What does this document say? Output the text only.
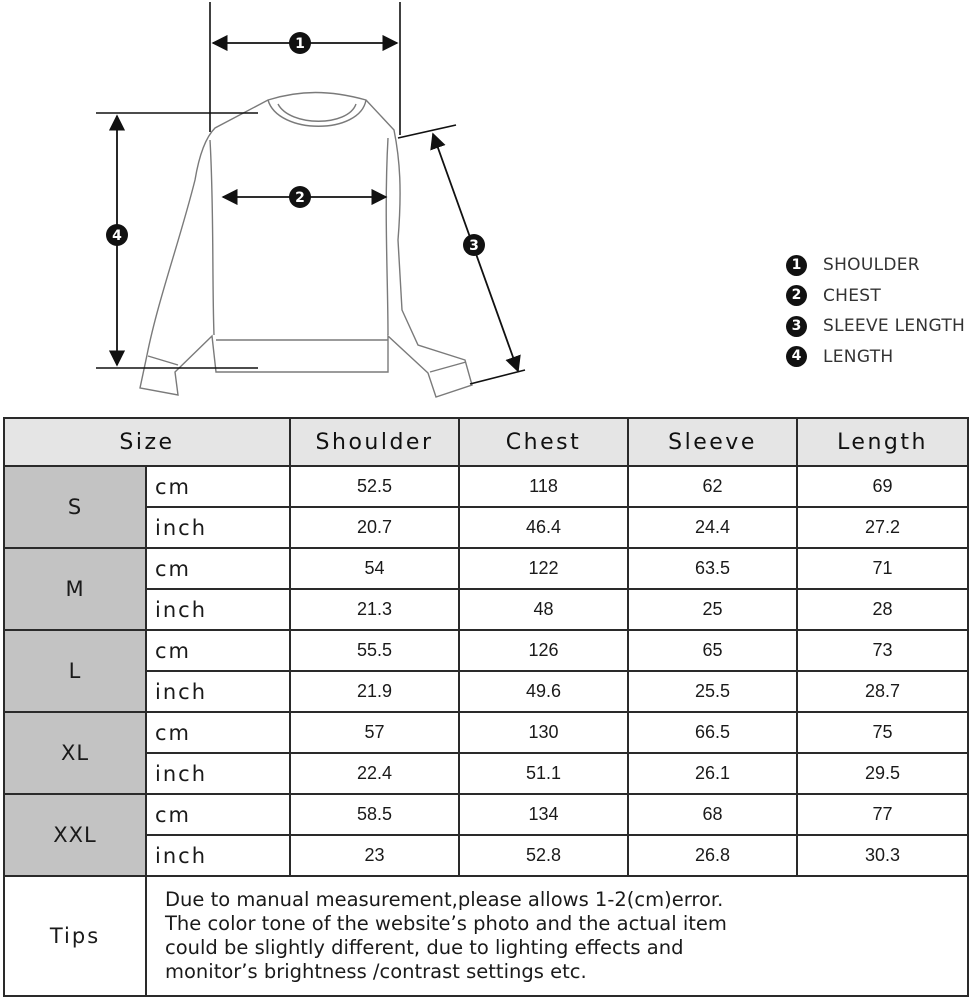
1
2
3
4
1	SHOULDER
2	CHEST
3	SLEEVE LENGTH
4	LENGTH
Size		Shoulder	Chest	Sleeve	Length
S	cm	52.5	118	62	69
	inch	20.7	46.4	24.4	27.2
M	cm	54	122	63.5	71
	inch	21.3	48	25	28
L	cm	55.5	126	65	73
	inch	21.9	49.6	25.5	28.7
XL	cm	57	130	66.5	75
	inch	22.4	51.1	26.1	29.5
XXL	cm	58.5	134	68	77
	inch	23	52.8	26.8	30.3
Tips	Due to manual measurement,please allows 1-2(cm)error.
The color tone of the website’s photo and the actual item
could be slightly different, due to lighting effects and
monitor’s brightness /contrast settings etc.				
